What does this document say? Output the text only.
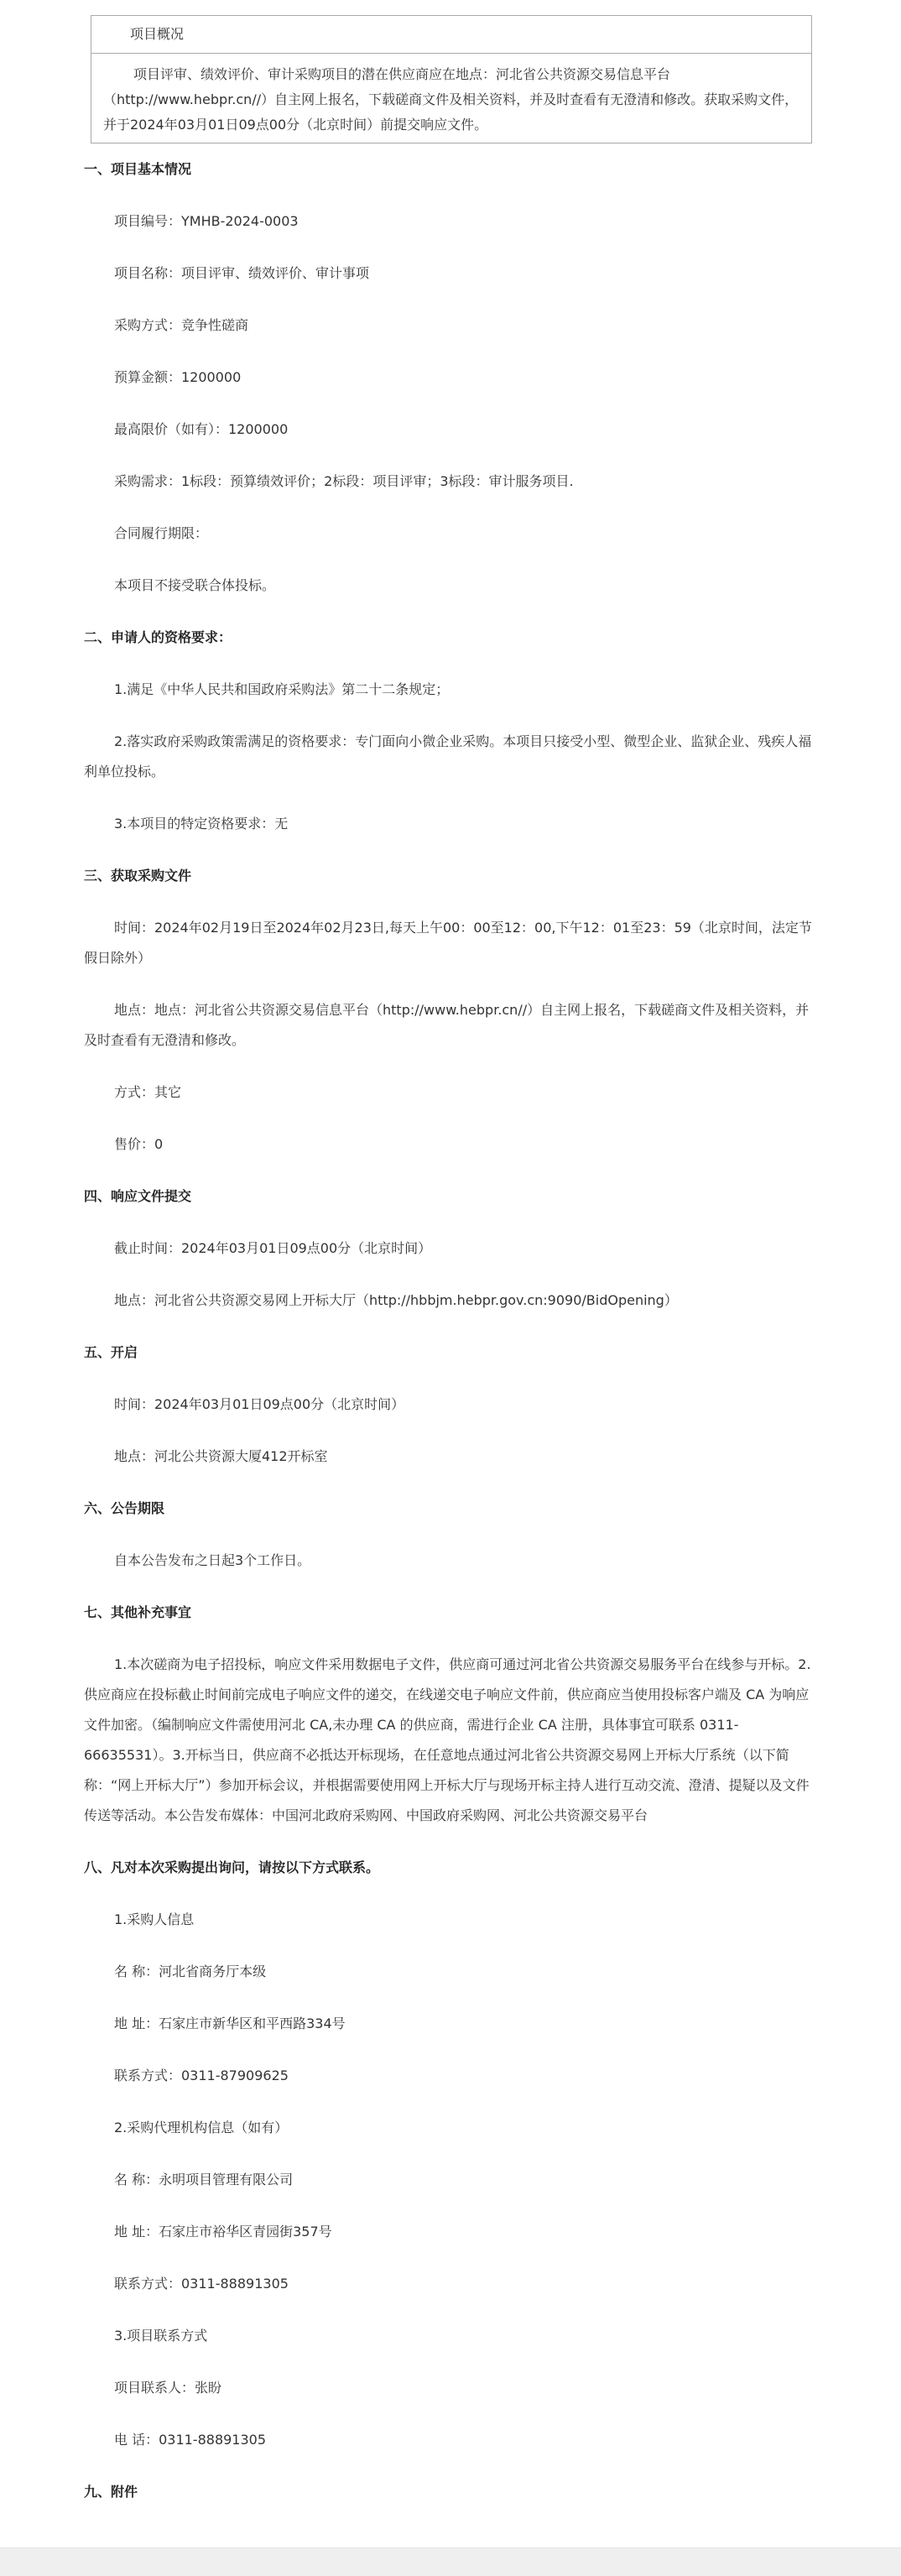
项目概况
项目评审、绩效评价、审计采购项目的潜在供应商应在地点：河北省公共资源交易信息平台（http://www.hebpr.cn//）自主网上报名，下载磋商文件及相关资料，并及时查看有无澄清和修改。获取采购文件，并于2024年03月01日09点00分（北京时间）前提交响应文件。
一、项目基本情况
项目编号：YMHB-2024-0003
项目名称：项目评审、绩效评价、审计事项
采购方式：竞争性磋商
预算金额：1200000
最高限价（如有）：1200000
采购需求：1标段：预算绩效评价；2标段：项目评审；3标段：审计服务项目.
合同履行期限：
本项目不接受联合体投标。
二、申请人的资格要求：
1.满足《中华人民共和国政府采购法》第二十二条规定；
2.落实政府采购政策需满足的资格要求：专门面向小微企业采购。本项目只接受小型、微型企业、监狱企业、残疾人福利单位投标。
3.本项目的特定资格要求：无
三、获取采购文件
时间：2024年02月19日至2024年02月23日,每天上午00：00至12：00,下午12：01至23：59（北京时间，法定节假日除外）
地点：地点：河北省公共资源交易信息平台（http://www.hebpr.cn//）自主网上报名，下载磋商文件及相关资料，并及时查看有无澄清和修改。
方式：其它
售价：0
四、响应文件提交
截止时间：2024年03月01日09点00分（北京时间）
地点：河北省公共资源交易网上开标大厅（http://hbbjm.hebpr.gov.cn:9090/BidOpening）
五、开启
时间：2024年03月01日09点00分（北京时间）
地点：河北公共资源大厦412开标室
六、公告期限
自本公告发布之日起3个工作日。
七、其他补充事宜
1.本次磋商为电子招投标，响应文件采用数据电子文件，供应商可通过河北省公共资源交易服务平台在线参与开标。2.供应商应在投标截止时间前完成电子响应文件的递交，在线递交电子响应文件前，供应商应当使用投标客户端及 CA 为响应文件加密。（编制响应文件需使用河北 CA,未办理 CA 的供应商，需进行企业 CA 注册，具体事宜可联系 0311-66635531）。3.开标当日，供应商不必抵达开标现场，在任意地点通过河北省公共资源交易网上开标大厅系统（以下简称：“网上开标大厅”）参加开标会议，并根据需要使用网上开标大厅与现场开标主持人进行互动交流、澄清、提疑以及文件传送等活动。本公告发布媒体：中国河北政府采购网、中国政府采购网、河北公共资源交易平台
八、凡对本次采购提出询问，请按以下方式联系。
1.采购人信息
名 称：河北省商务厅本级
地 址：石家庄市新华区和平西路334号
联系方式：0311-87909625
2.采购代理机构信息（如有）
名 称：永明项目管理有限公司
地 址：石家庄市裕华区青园街357号
联系方式：0311-88891305
3.项目联系方式
项目联系人：张盼
电 话：0311-88891305
九、附件
